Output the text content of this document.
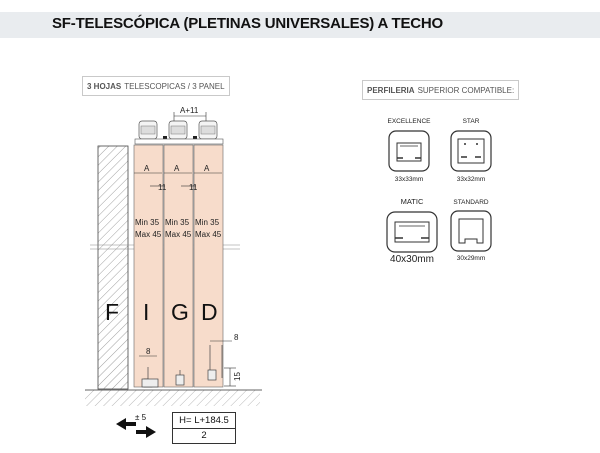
SF-TELESCÓPICA (PLETINAS UNIVERSALES) A TECHO
3 HOJAS TELESCOPICAS / 3 PANEL	PERFILERIA SUPERIOR COMPATIBLE:
A+11
A	A	A
11	11
Min 35
Max 45
Min 35
Max 45
Min 35
Max 45
F I G D
8
8
15
EXCELLENCE
33x33mm
STAR
33x32mm
MATIC
40x30mm
STANDARD
30x29mm
± 5	H= L+184.5
2
